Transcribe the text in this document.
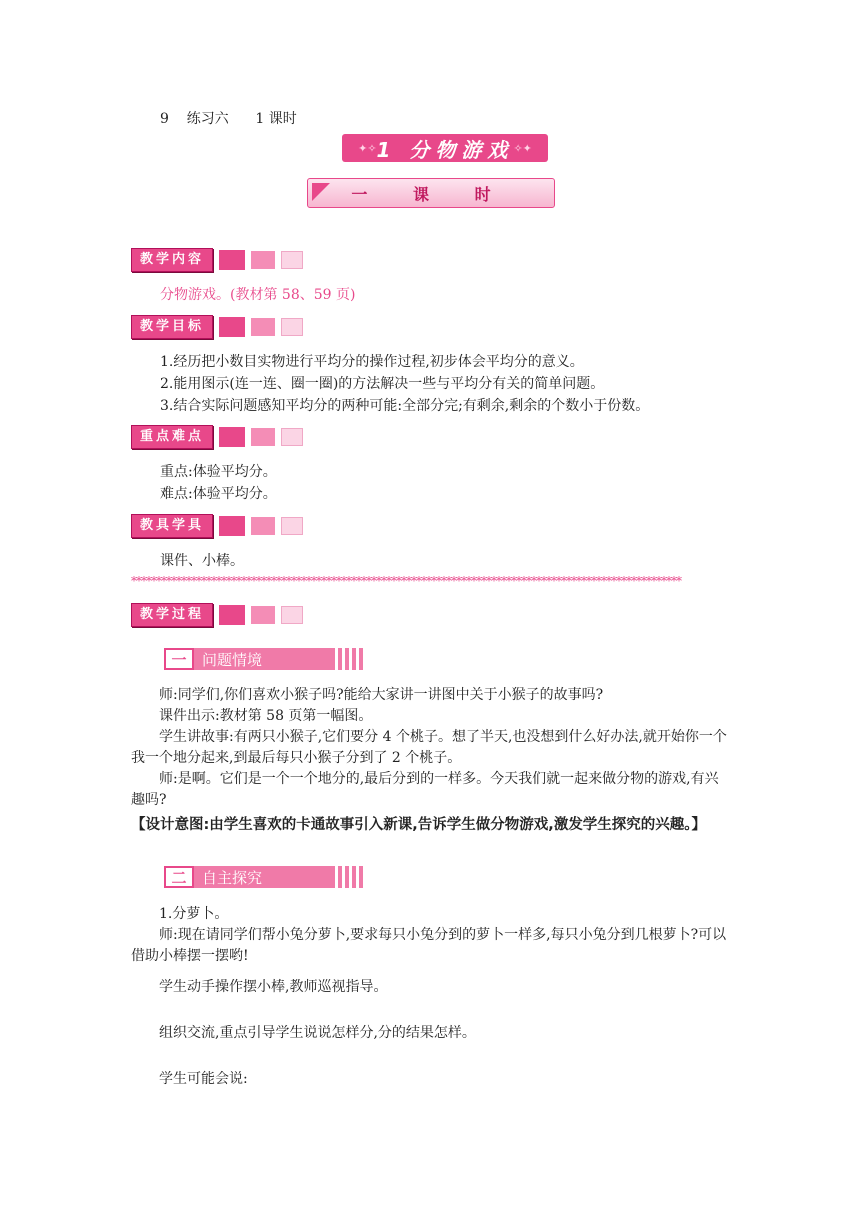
9    练习六      1 课时
✦✧ 1 分物游戏 ✧✦
一 课 时
教学内容
分物游戏。(教材第 58、59 页)
教学目标
1.经历把小数目实物进行平均分的操作过程,初步体会平均分的意义。
2.能用图示(连一连、圈一圈)的方法解决一些与平均分有关的简单问题。
3.结合实际问题感知平均分的两种可能:全部分完;有剩余,剩余的个数小于份数。
重点难点
重点:体验平均分。
难点:体验平均分。
教具学具
课件、小棒。
**************************************************************************************************************
教学过程
一	问题情境
师:同学们,你们喜欢小猴子吗?能给大家讲一讲图中关于小猴子的故事吗?
课件出示:教材第 58 页第一幅图。
学生讲故事:有两只小猴子,它们要分 4 个桃子。想了半天,也没想到什么好办法,就开始你一个我一个地分起来,到最后每只小猴子分到了 2 个桃子。
师:是啊。它们是一个一个地分的,最后分到的一样多。今天我们就一起来做分物的游戏,有兴趣吗?
【设计意图:由学生喜欢的卡通故事引入新课,告诉学生做分物游戏,激发学生探究的兴趣。】
二	自主探究
1.分萝卜。
师:现在请同学们帮小兔分萝卜,要求每只小兔分到的萝卜一样多,每只小兔分到几根萝卜?可以借助小棒摆一摆哟!
学生动手操作摆小棒,教师巡视指导。
组织交流,重点引导学生说说怎样分,分的结果怎样。
学生可能会说:
